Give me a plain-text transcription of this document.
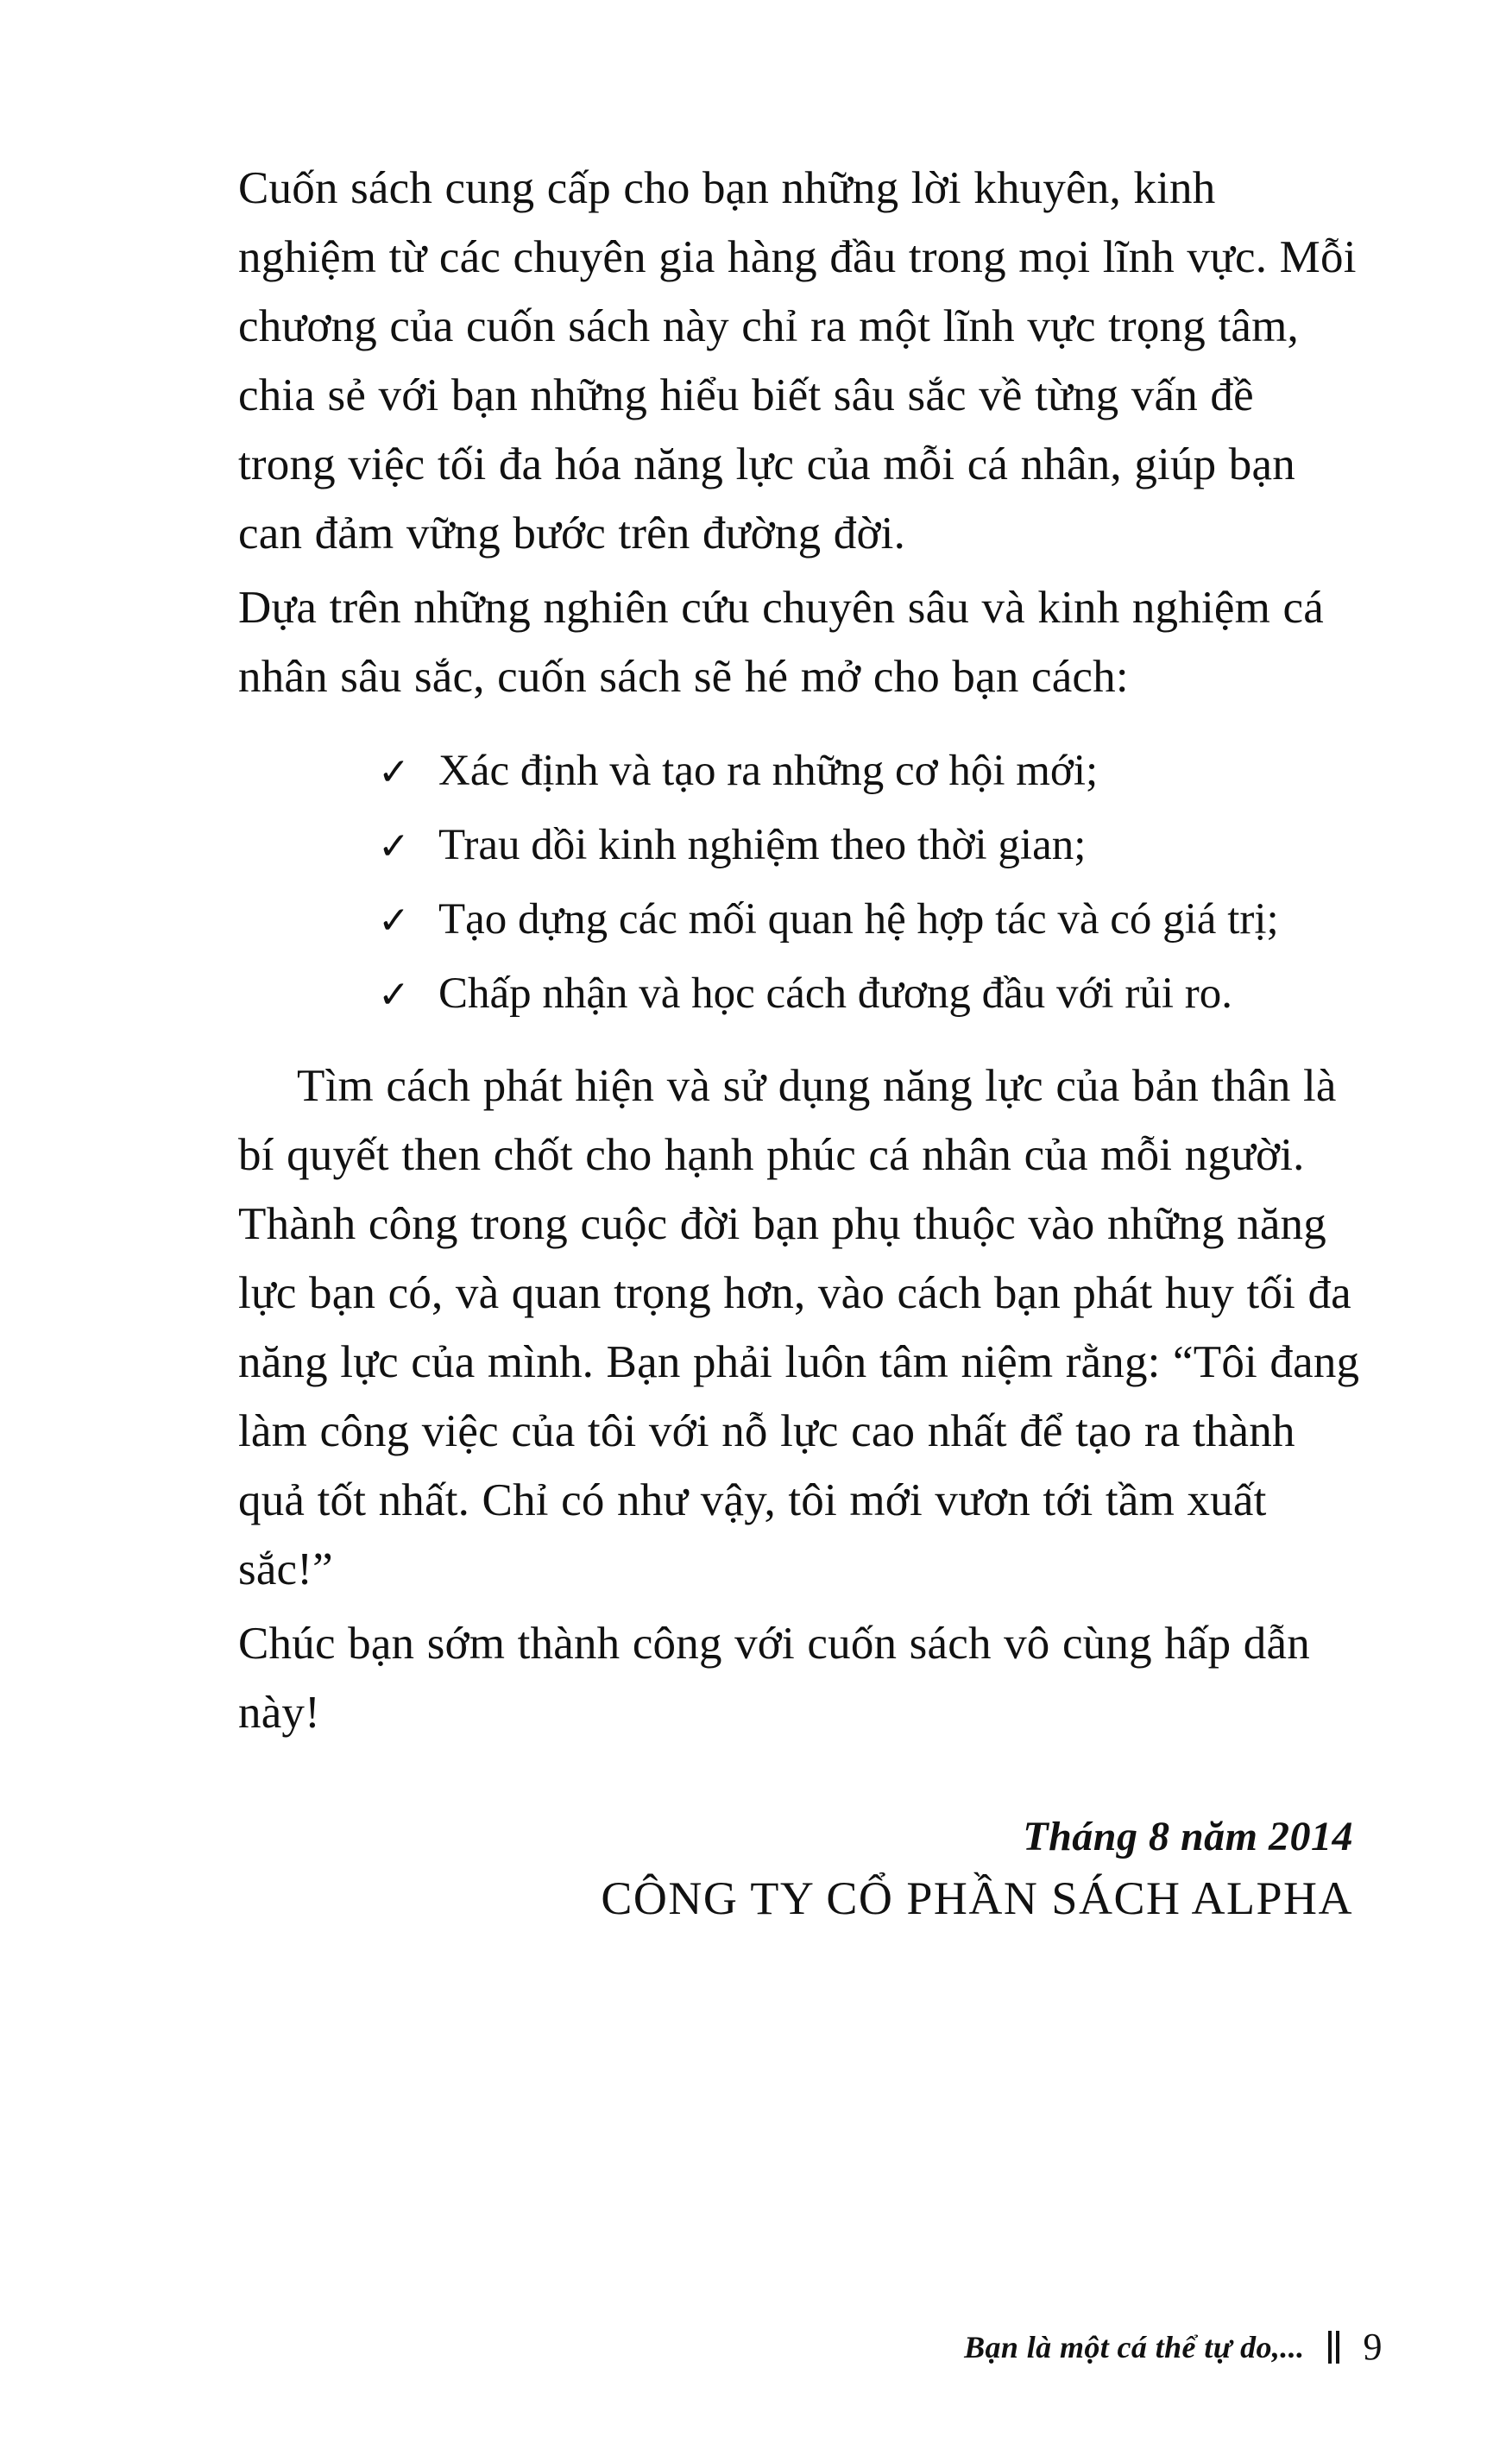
Cuốn sách cung cấp cho bạn những lời khuyên, kinh nghiệm từ các chuyên gia hàng đầu trong mọi lĩnh vực. Mỗi chương của cuốn sách này chỉ ra một lĩnh vực trọng tâm, chia sẻ với bạn những hiểu biết sâu sắc về từng vấn đề trong việc tối đa hóa năng lực của mỗi cá nhân, giúp bạn can đảm vững bước trên đường đời.

Dựa trên những nghiên cứu chuyên sâu và kinh nghiệm cá nhân sâu sắc, cuốn sách sẽ hé mở cho bạn cách:

✓ Xác định và tạo ra những cơ hội mới;
✓ Trau dồi kinh nghiệm theo thời gian;
✓ Tạo dựng các mối quan hệ hợp tác và có giá trị;
✓ Chấp nhận và học cách đương đầu với rủi ro.

Tìm cách phát hiện và sử dụng năng lực của bản thân là bí quyết then chốt cho hạnh phúc cá nhân của mỗi người. Thành công trong cuộc đời bạn phụ thuộc vào những năng lực bạn có, và quan trọng hơn, vào cách bạn phát huy tối đa năng lực của mình. Bạn phải luôn tâm niệm rằng: “Tôi đang làm công việc của tôi với nỗ lực cao nhất để tạo ra thành quả tốt nhất. Chỉ có như vậy, tôi mới vươn tới tầm xuất sắc!”

Chúc bạn sớm thành công với cuốn sách vô cùng hấp dẫn này!

Tháng 8 năm 2014
CÔNG TY CỔ PHẦN SÁCH ALPHA
Bạn là một cá thể tự do,... 9
